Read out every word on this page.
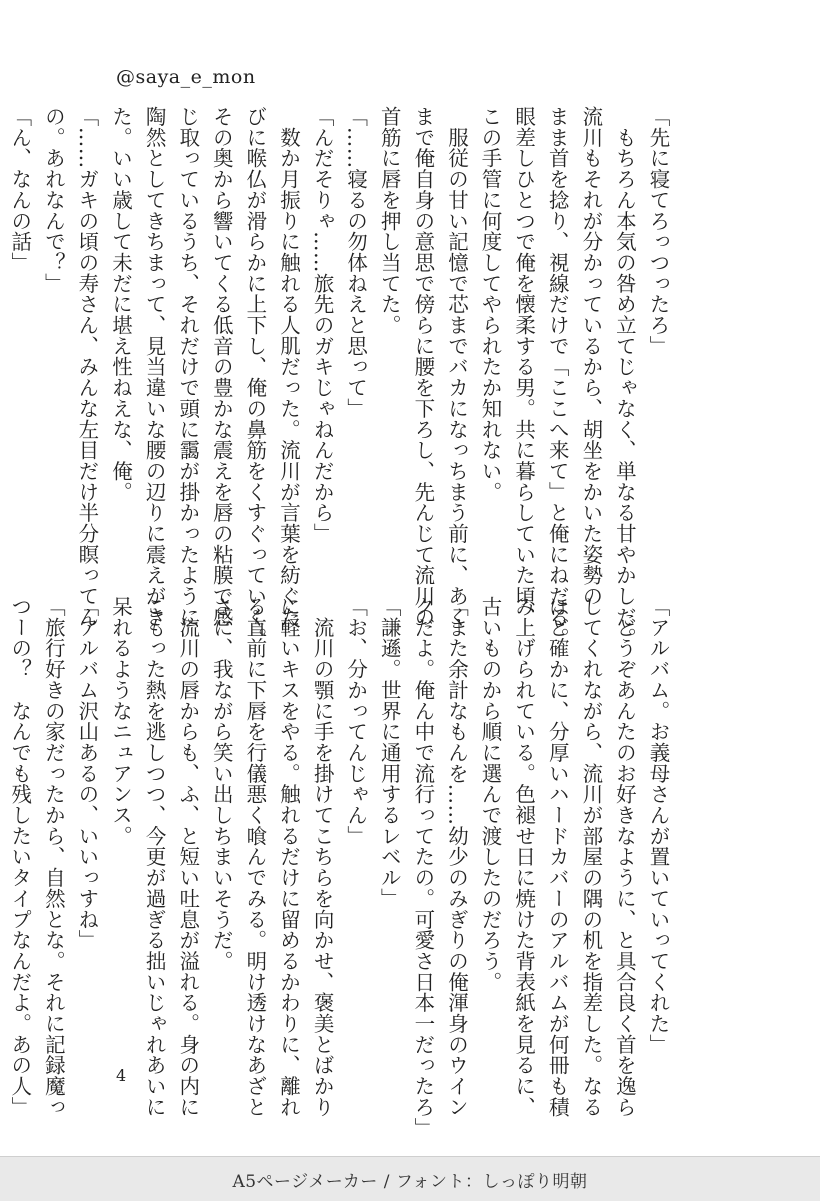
@saya_e_mon
「先に寝てろっつったろ」
　もちろん本気の咎め立てじゃなく、単なる甘やかしだ。
流川もそれが分かっているから、胡坐をかいた姿勢の
まま首を捻り、視線だけで「ここへ来て」と俺にねだる。
眼差しひとつで俺を懐柔する男。共に暮らしていた頃、
この手管に何度してやられたか知れない。
　服従の甘い記憶で芯までバカになっちまう前に、あく
まで俺自身の意思で傍らに腰を下ろし、先んじて流川の
首筋に唇を押し当てた。
「……寝るの勿体ねえと思って」
「んだそりゃ……旅先のガキじゃねんだから」
　数か月振りに触れる人肌だった。流川が言葉を紡ぐた
びに喉仏が滑らかに上下し、俺の鼻筋をくすぐっていく。
その奥から響いてくる低音の豊かな震えを唇の粘膜で感
じ取っているうち、それだけで頭に靄が掛かったように
陶然としてきちまって、見当違いな腰の辺りに震えがき
た。いい歳して未だに堪え性ねえな、俺。
「……ガキの頃の寿さん、みんな左目だけ半分瞑ってん
の。あれなんで？」
「ん、なんの話」
「アルバム。お義母さんが置いていってくれた」
　どうぞあんたのお好きなように、と具合良く首を逸ら
してくれながら、流川が部屋の隅の机を指差した。なる
ほど確かに、分厚いハードカバーのアルバムが何冊も積
み上げられている。色褪せ日に焼けた背表紙を見るに、
古いものから順に選んで渡したのだろう。
「また余計なもんを……幼少のみぎりの俺渾身のウイン
クだよ。俺ん中で流行ってたの。可愛さ日本一だったろ」
「謙遜。世界に通用するレベル」
「お、分かってんじゃん」
　流川の顎に手を掛けてこちらを向かせ、褒美とばかり
に軽いキスをやる。触れるだけに留めるかわりに、離れ
る直前に下唇を行儀悪く喰んでみる。明け透けなあざと
さに、我ながら笑い出しちまいそうだ。
　流川の唇からも、ふ、と短い吐息が溢れる。身の内に
こもった熱を逃しつつ、今更が過ぎる拙いじゃれあいに
呆れるようなニュアンス。
「アルバム沢山あるの、いいっすね」
「旅行好きの家だったから、自然とな。それに記録魔っ
つーの？　なんでも残したいタイプなんだよ。あの人」	4
A5ページメーカー / フォント：しっぽり明朝
